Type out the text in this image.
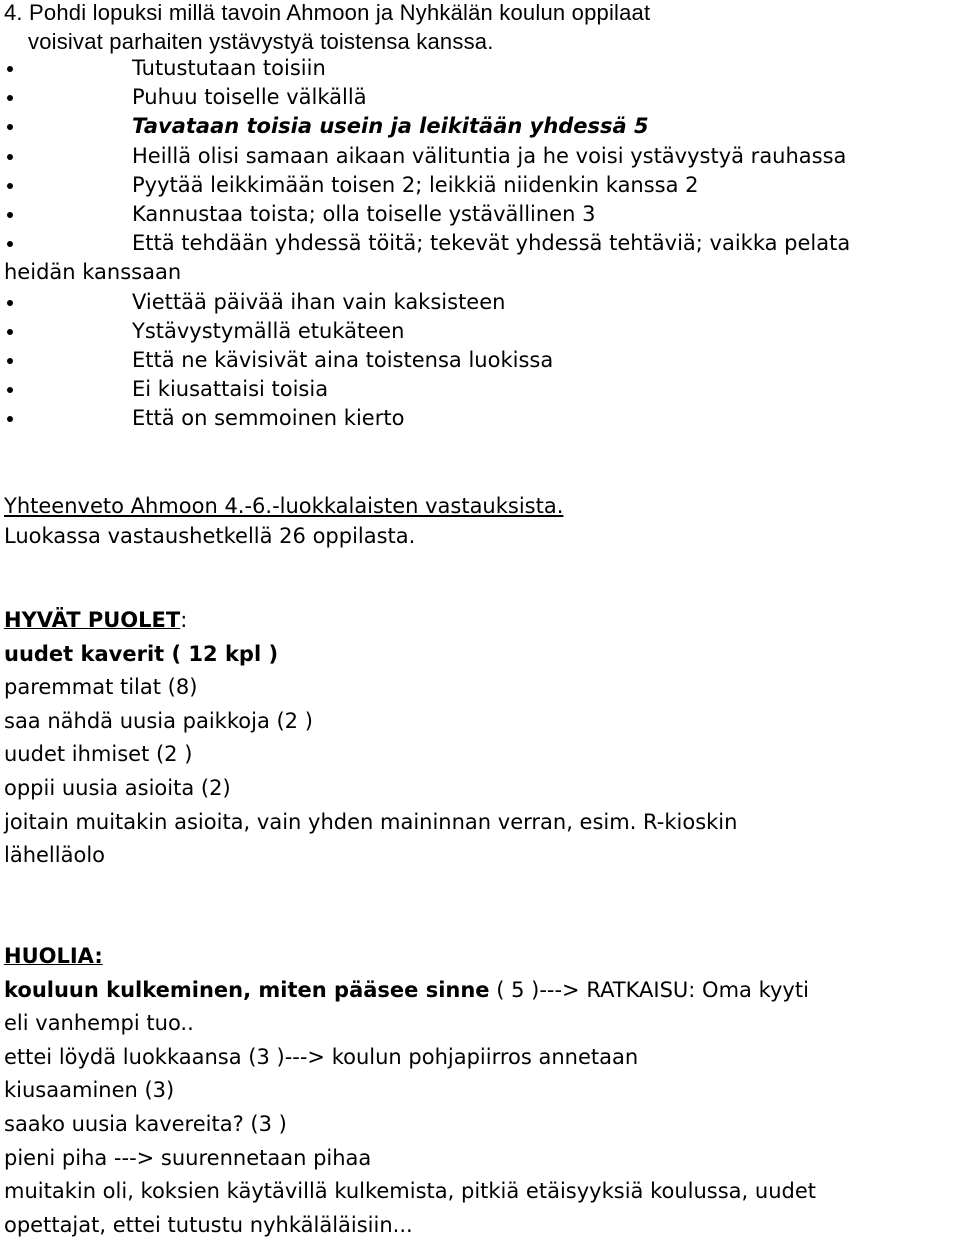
4. Pohdi lopuksi millä tavoin Ahmoon ja Nyhkälän koulun oppilaat
voisivat parhaiten ystävystyä toistensa kanssa.
Tutustutaan toisiin
Puhuu toiselle välkällä
Tavataan toisia usein ja leikitään yhdessä 5
Heillä olisi samaan aikaan välituntia ja he voisi ystävystyä rauhassa
Pyytää leikkimään toisen 2; leikkiä niidenkin kanssa 2
Kannustaa toista; olla toiselle ystävällinen 3
Että tehdään yhdessä töitä; tekevät yhdessä tehtäviä; vaikka pelata
heidän kanssaan
Viettää päivää ihan vain kaksisteen
Ystävystymällä etukäteen
Että ne kävisivät aina toistensa luokissa
Ei kiusattaisi toisia
Että on semmoinen kierto
Yhteenveto Ahmoon 4.-6.-luokkalaisten vastauksista.
Luokassa vastaushetkellä 26 oppilasta.
HYVÄT PUOLET:
uudet kaverit ( 12 kpl )
paremmat tilat (8)
saa nähdä uusia paikkoja (2 )
uudet ihmiset (2 )
oppii uusia asioita (2)
joitain muitakin asioita, vain yhden maininnan verran, esim. R-kioskin
lähelläolo
HUOLIA:
kouluun kulkeminen, miten pääsee sinne ( 5 )---> RATKAISU: Oma kyyti
eli vanhempi tuo..
ettei löydä luokkaansa (3 )---> koulun pohjapiirros annetaan
kiusaaminen (3)
saako uusia kavereita? (3 )
pieni piha ---> suurennetaan pihaa
muitakin oli, koksien käytävillä kulkemista, pitkiä etäisyyksiä koulussa, uudet
opettajat, ettei tutustu nyhkäläläisiin...
